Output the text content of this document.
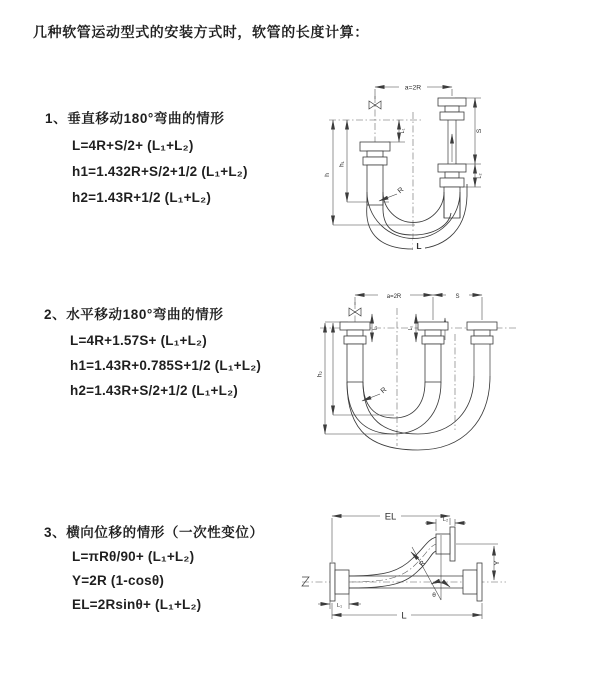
几种软管运动型式的安装方式时，软管的长度计算：
1、垂直移动180°弯曲的情形
L=4R+S/2+ (L₁+L₂)
h1=1.432R+S/2+1/2 (L₁+L₂)
h2=1.43R+1/2 (L₁+L₂)
2、水平移动180°弯曲的情形
L=4R+1.57S+ (L₁+L₂)
h1=1.43R+0.785S+1/2 (L₁+L₂)
h2=1.43R+S/2+1/2 (L₁+L₂)
3、横向位移的情形（一次性变位）
L=πRθ/90+ (L₁+L₂)
Y=2R (1-cosθ)
EL=2Rsinθ+ (L₁+L₂)
a=2R
h
h₁
L₁	S
L₂
R
L
a=2R	S
h₂
L₁	L₂
R
EL	L₂
Y
L
L₁
θ
R
